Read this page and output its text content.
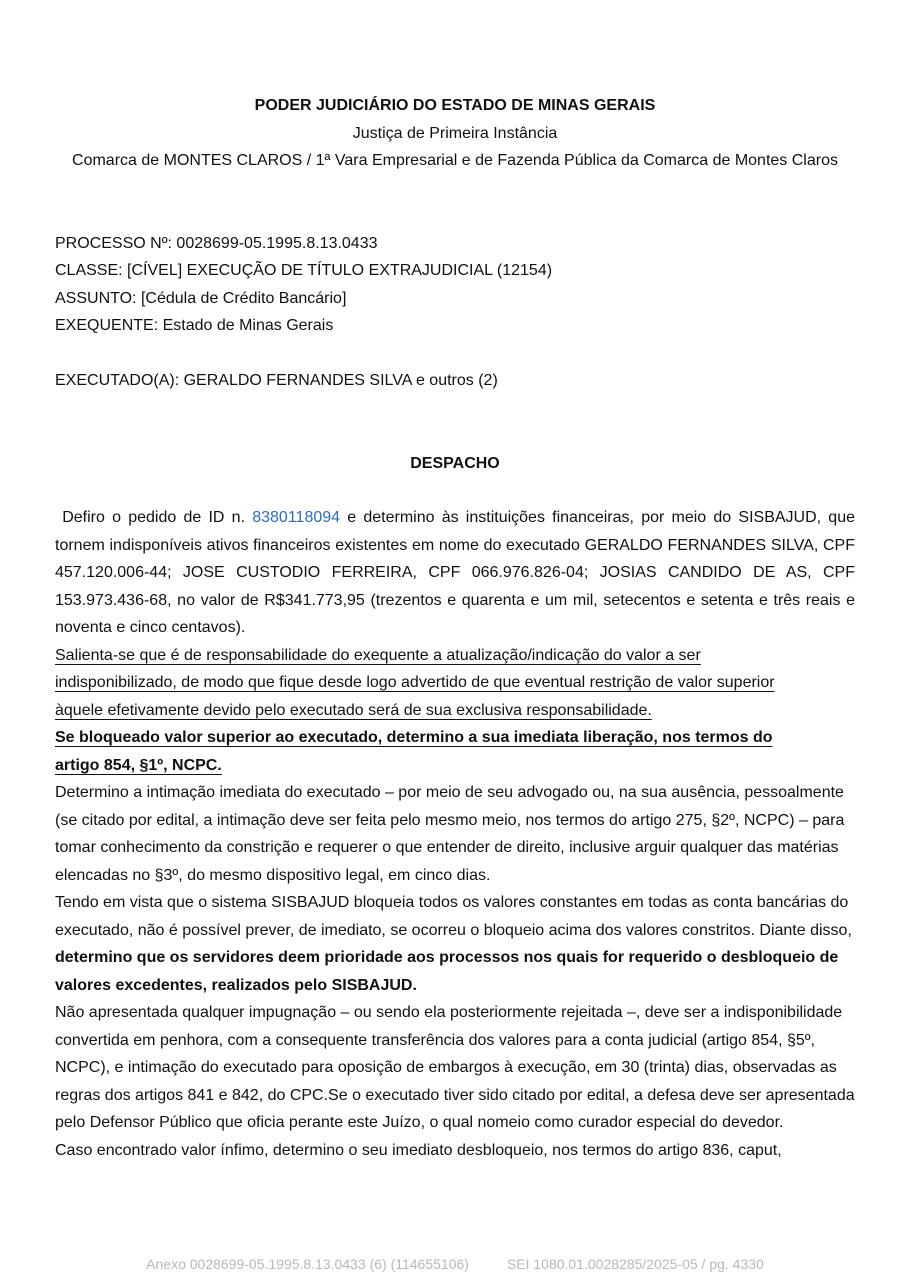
PODER JUDICIÁRIO DO ESTADO DE MINAS GERAIS
Justiça de Primeira Instância
Comarca de MONTES CLAROS / 1ª Vara Empresarial e de Fazenda Pública da Comarca de Montes Claros
PROCESSO Nº: 0028699-05.1995.8.13.0433
CLASSE: [CÍVEL] EXECUÇÃO DE TÍTULO EXTRAJUDICIAL (12154)
ASSUNTO: [Cédula de Crédito Bancário]
EXEQUENTE: Estado de Minas Gerais
EXECUTADO(A): GERALDO FERNANDES SILVA e outros (2)
DESPACHO
Defiro o pedido de ID n. 8380118094 e determino às instituições financeiras, por meio do SISBAJUD, que tornem indisponíveis ativos financeiros existentes em nome do executado GERALDO FERNANDES SILVA, CPF 457.120.006-44; JOSE CUSTODIO FERREIRA, CPF 066.976.826-04; JOSIAS CANDIDO DE AS, CPF 153.973.436-68, no valor de R$341.773,95 (trezentos e quarenta e um mil, setecentos e setenta e três reais e noventa e cinco centavos).
Salienta-se que é de responsabilidade do exequente a atualização/indicação do valor a ser indisponibilizado, de modo que fique desde logo advertido de que eventual restrição de valor superior àquele efetivamente devido pelo executado será de sua exclusiva responsabilidade.
Se bloqueado valor superior ao executado, determino a sua imediata liberação, nos termos do artigo 854, §1º, NCPC.
Determino a intimação imediata do executado – por meio de seu advogado ou, na sua ausência, pessoalmente (se citado por edital, a intimação deve ser feita pelo mesmo meio, nos termos do artigo 275, §2º, NCPC) – para tomar conhecimento da constrição e requerer o que entender de direito, inclusive arguir qualquer das matérias elencadas no §3º, do mesmo dispositivo legal, em cinco dias.
Tendo em vista que o sistema SISBAJUD bloqueia todos os valores constantes em todas as conta bancárias do executado, não é possível prever, de imediato, se ocorreu o bloqueio acima dos valores constritos. Diante disso, determino que os servidores deem prioridade aos processos nos quais for requerido o desbloqueio de valores excedentes, realizados pelo SISBAJUD.
Não apresentada qualquer impugnação – ou sendo ela posteriormente rejeitada –, deve ser a indisponibilidade convertida em penhora, com a consequente transferência dos valores para a conta judicial (artigo 854, §5º, NCPC), e intimação do executado para oposição de embargos à execução, em 30 (trinta) dias, observadas as regras dos artigos 841 e 842, do CPC.Se o executado tiver sido citado por edital, a defesa deve ser apresentada pelo Defensor Público que oficia perante este Juízo, o qual nomeio como curador especial do devedor.
Caso encontrado valor ínfimo, determino o seu imediato desbloqueio, nos termos do artigo 836, caput,
Anexo 0028699-05.1995.8.13.0433 (6) (114655106)	SEI 1080.01.0028285/2025-05 / pg. 4330
